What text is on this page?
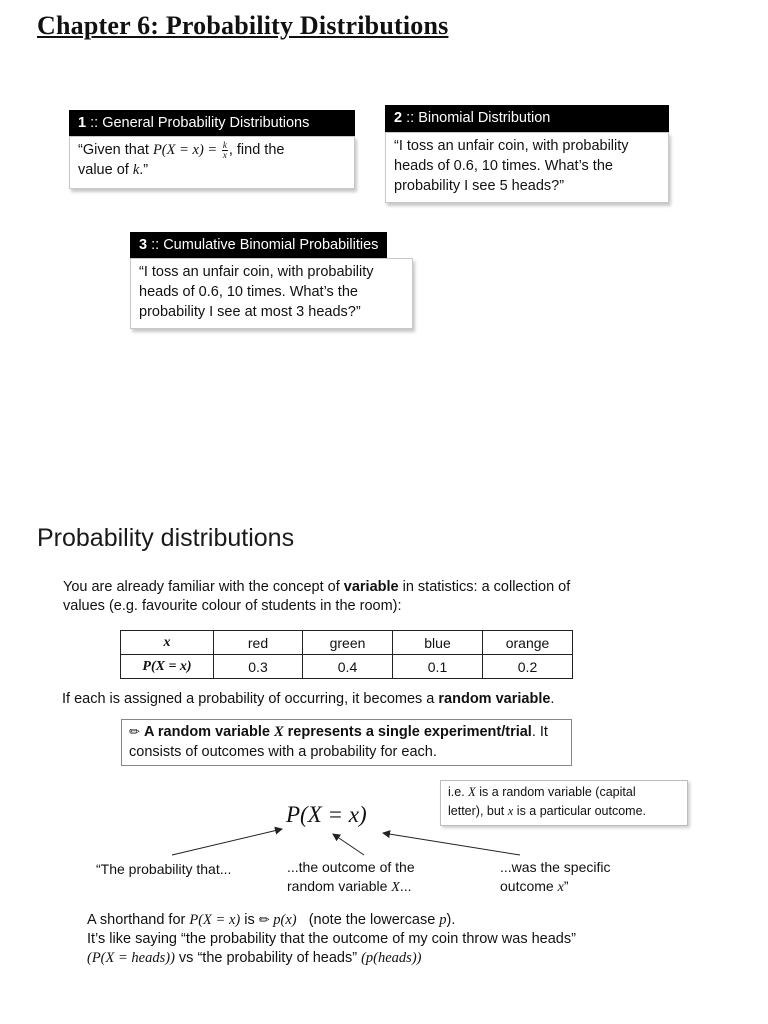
Chapter 6: Probability Distributions
1 :: General Probability Distributions
“Given that $P(X = x) = \frac{k}{x}$ , find the
value of k.”
2 :: Binomial Distribution
“I toss an unfair coin, with probability
heads of 0.6, 10 times. What’s the
probability I see 5 heads?”
3 :: Cumulative Binomial Probabilities
“I toss an unfair coin, with probability
heads of 0.6, 10 times. What’s the
probability I see at most 3 heads?”
Probability distributions
You are already familiar with the concept of variable in statistics: a collection of
values (e.g. favourite colour of students in the room):
x	red	green	blue	orange
P(X = x)	0.3	0.4	0.1	0.2
If each is assigned a probability of occurring, it becomes a random variable.
✏ A random variable X represents a single experiment/trial. It
consists of outcomes with a probability for each.
i.e. X is a random variable (capital
letter), but x is a particular outcome.
P(X = x)
“The probability that...	...the outcome of the
random variable X...
...was the specific
outcome x”
A shorthand for P(X = x) is ✏ p(x)   (note the lowercase p).
It’s like saying “the probability that the outcome of my coin throw was heads”
(P(X = heads)) vs “the probability of heads” (p(heads))
